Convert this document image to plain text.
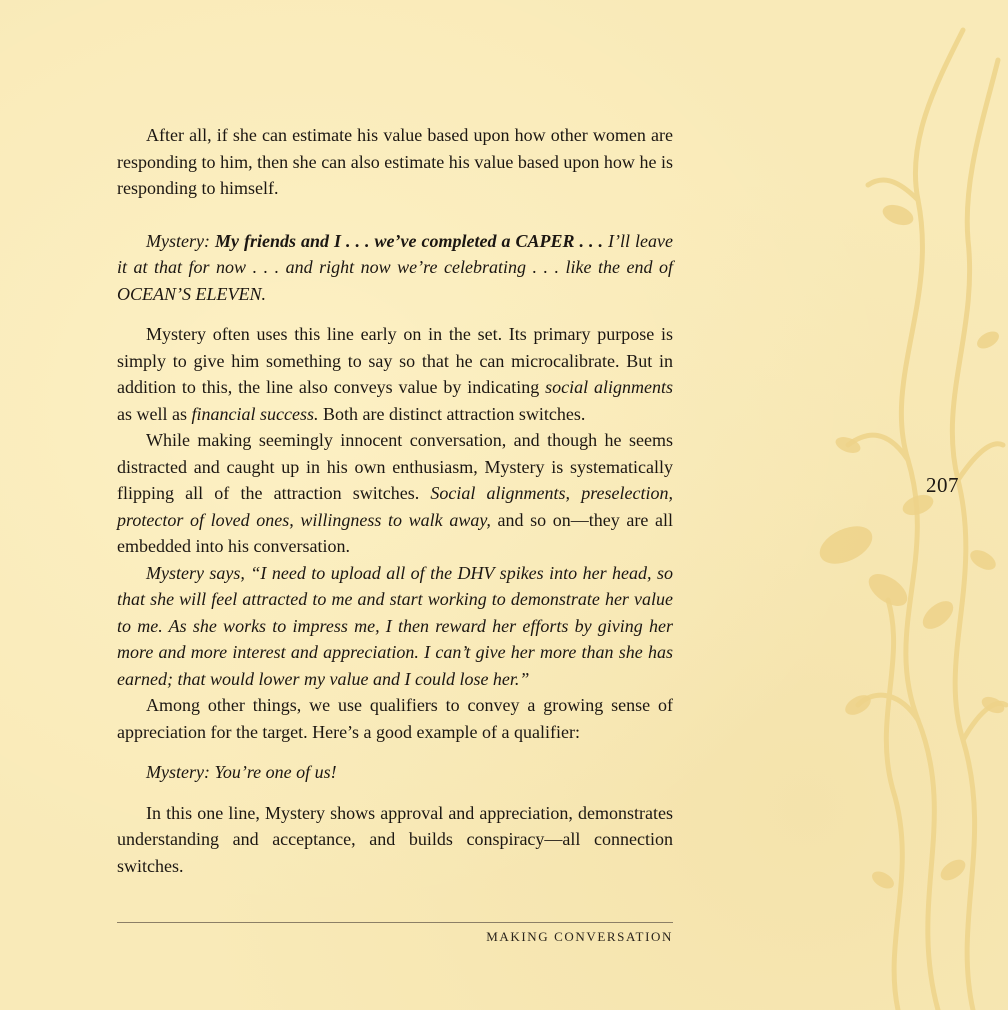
207

After all, if she can estimate his value based upon how other women are responding to him, then she can also estimate his value based upon how he is responding to himself.

Mystery: My friends and I . . . we’ve completed a CAPER . . . I’ll leave it at that for now . . . and right now we’re celebrating . . . like the end of OCEAN’S ELEVEN.

Mystery often uses this line early on in the set. Its primary purpose is simply to give him something to say so that he can microcalibrate. But in addition to this, the line also conveys value by indicating social alignments as well as financial success. Both are distinct attraction switches.

While making seemingly innocent conversation, and though he seems distracted and caught up in his own enthusiasm, Mystery is systematically flipping all of the attraction switches. Social alignments, preselection, protector of loved ones, willingness to walk away, and so on—they are all embedded into his conversation.

Mystery says, “I need to upload all of the DHV spikes into her head, so that she will feel attracted to me and start working to demonstrate her value to me. As she works to impress me, I then reward her efforts by giving her more and more interest and appreciation. I can’t give her more than she has earned; that would lower my value and I could lose her.”

Among other things, we use qualifiers to convey a growing sense of appreciation for the target. Here’s a good example of a qualifier:

Mystery: You’re one of us!

In this one line, Mystery shows approval and appreciation, demonstrates understanding and acceptance, and builds conspiracy—all connection switches.

MAKING CONVERSATION
